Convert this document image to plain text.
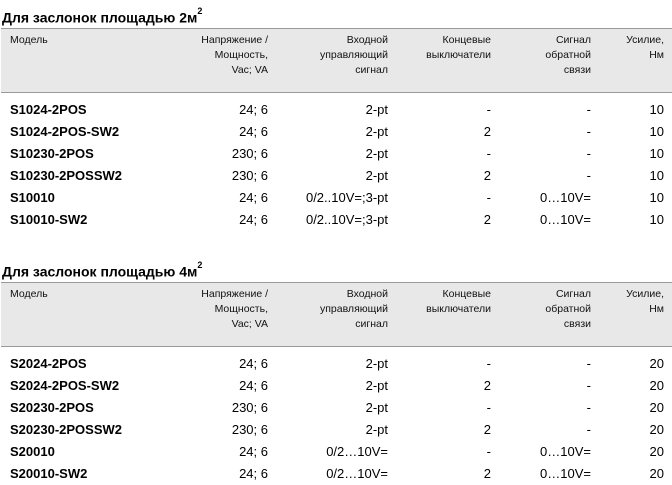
Для заслонок площадью $2м^2$
Модель	Напряжение /
Мощность,
Vac; VA	Входной
управляющий
сигнал	Концевые
выключатели	Сигнал
обратной
связи	Усилие,
Нм
S1024-2POS	24; 6	2-pt	-	-	10
S1024-2POS-SW2	24; 6	2-pt	2	-	10
S10230-2POS	230; 6	2-pt	-	-	10
S10230-2POSSW2	230; 6	2-pt	2	-	10
S10010	24; 6	0/2..10V=;3-pt	-	0…10V=	10
S10010-SW2	24; 6	0/2..10V=;3-pt	2	0…10V=	10
Для заслонок площадью $4м^2$
Модель	Напряжение /
Мощность,
Vac; VA	Входной
управляющий
сигнал	Концевые
выключатели	Сигнал
обратной
связи	Усилие,
Нм
S2024-2POS	24; 6	2-pt	-	-	20
S2024-2POS-SW2	24; 6	2-pt	2	-	20
S20230-2POS	230; 6	2-pt	-	-	20
S20230-2POSSW2	230; 6	2-pt	2	-	20
S20010	24; 6	0/2…10V=	-	0…10V=	20
S20010-SW2	24; 6	0/2…10V=	2	0…10V=	20
